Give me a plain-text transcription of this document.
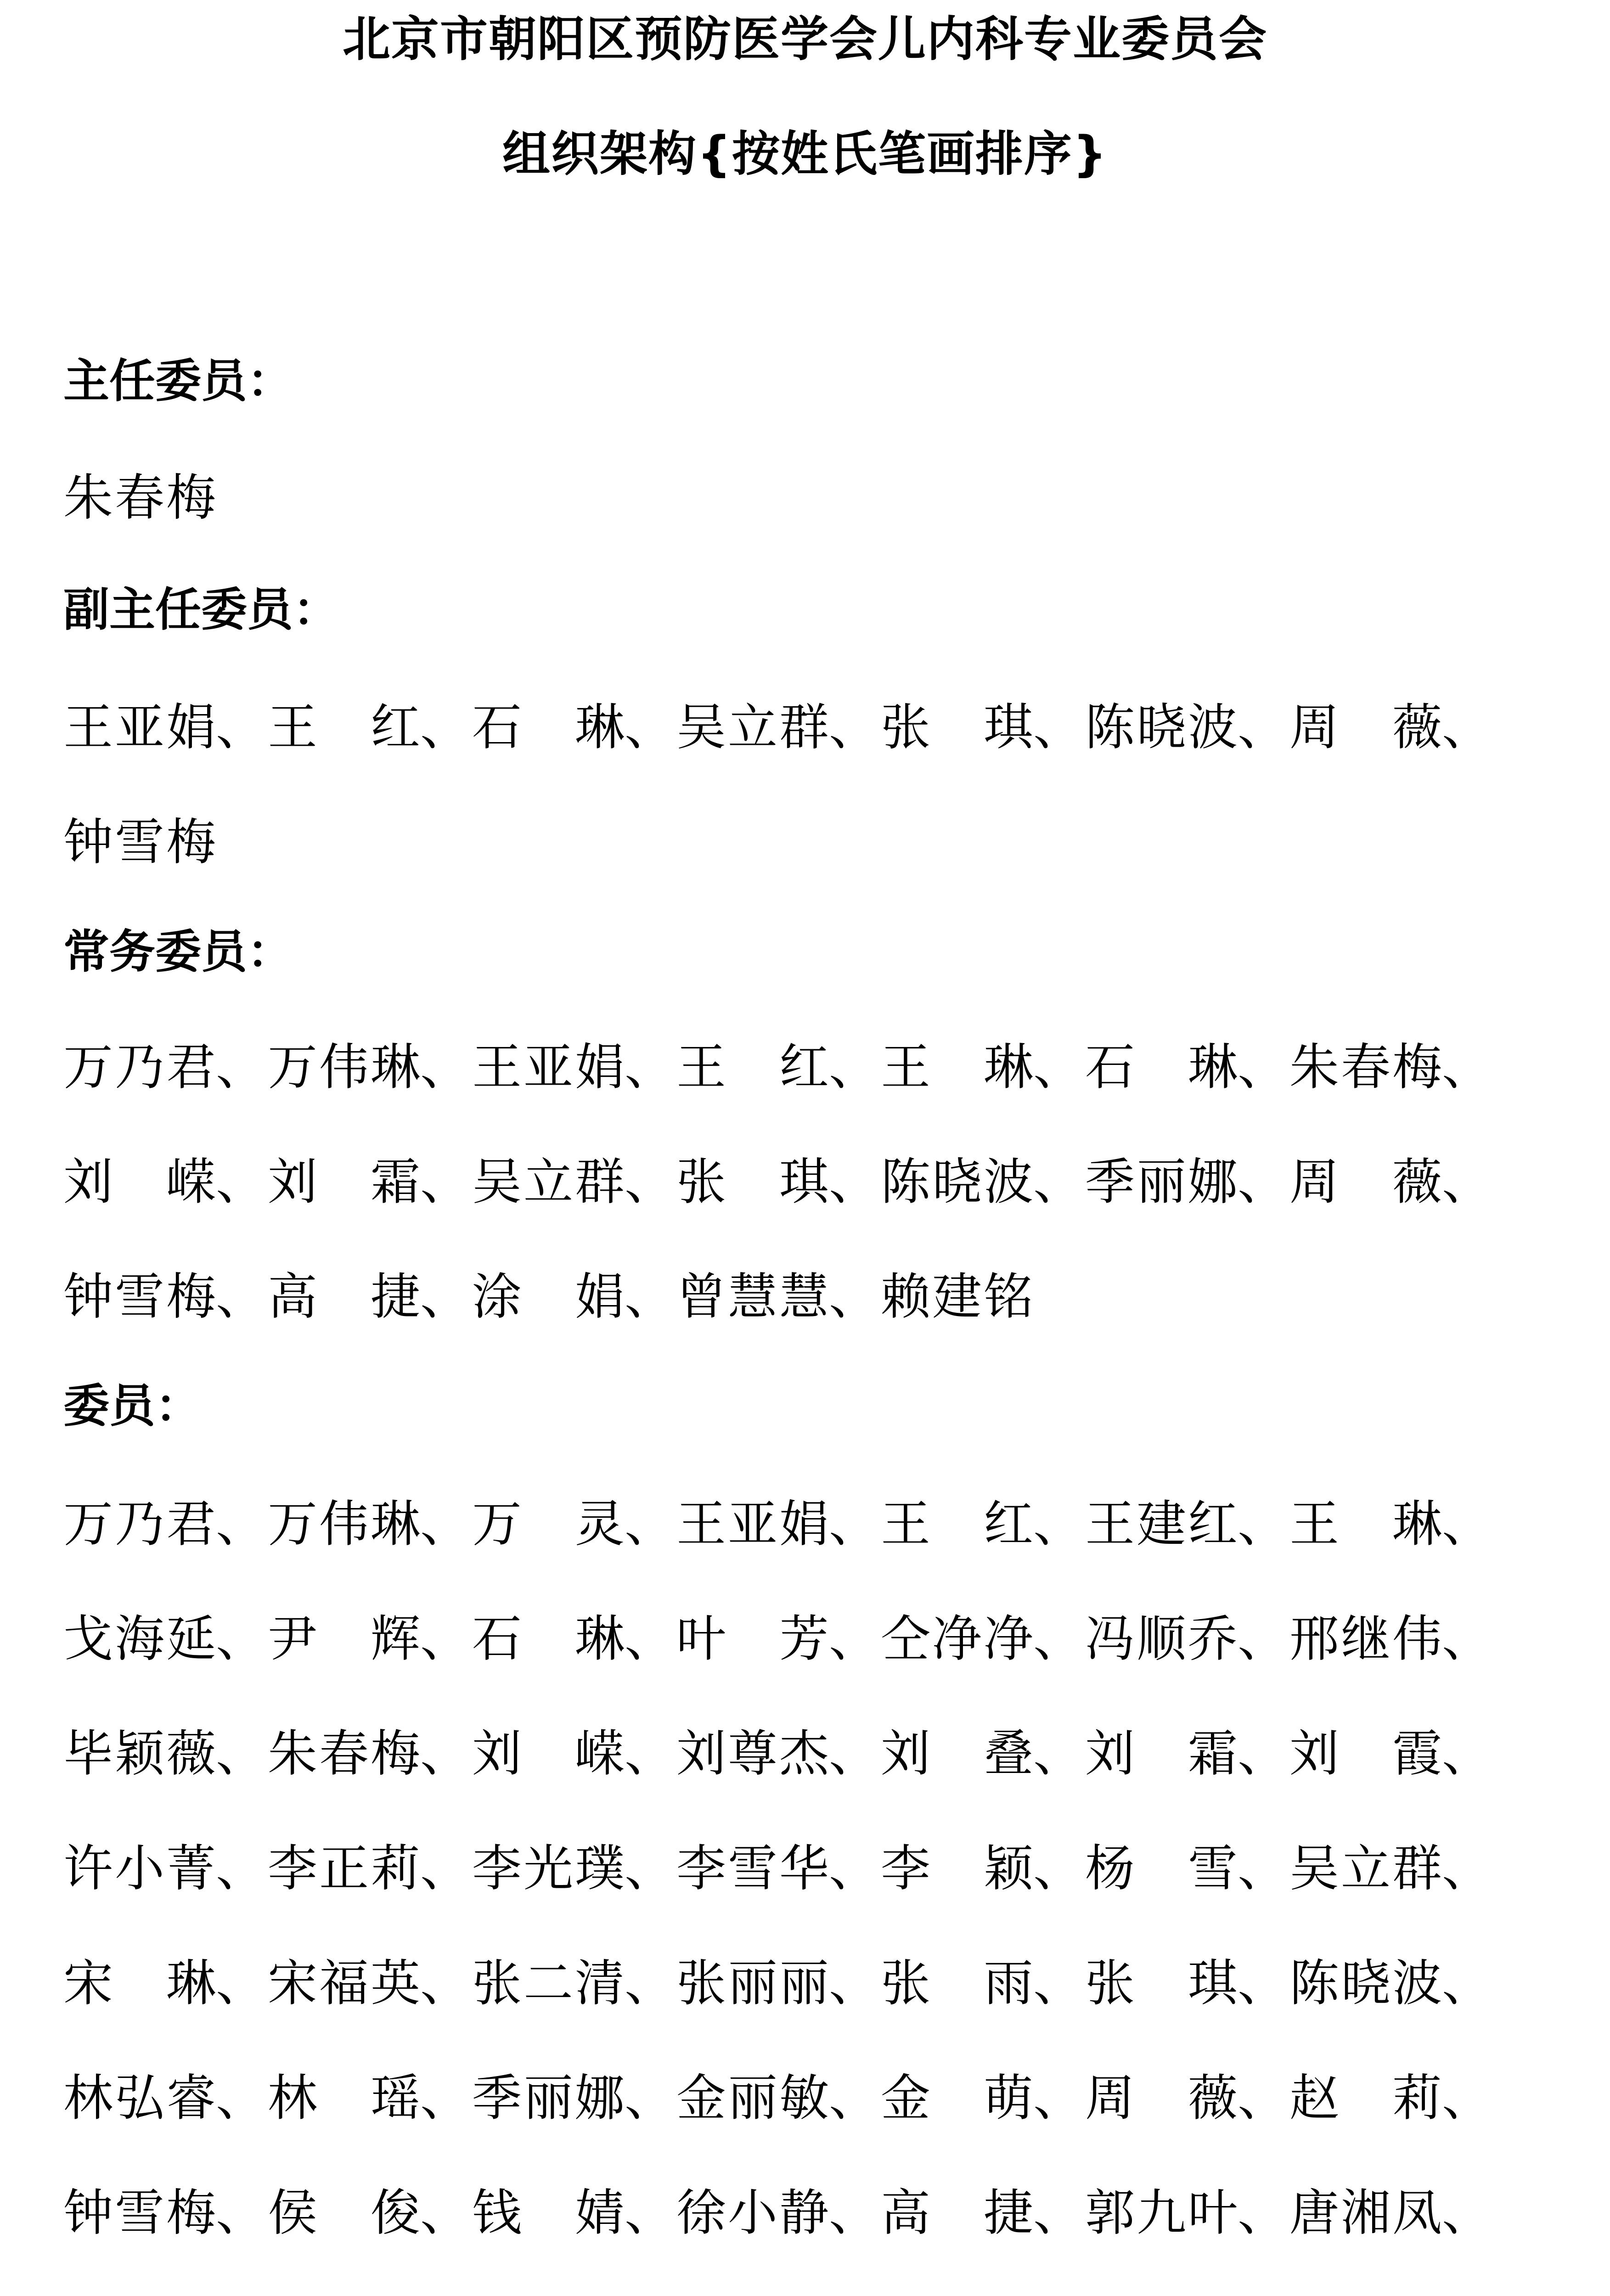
北京市朝阳区预防医学会儿内科专业委员会
组织架构{按姓氏笔画排序}
主任委员：
朱春梅
副主任委员：
王亚娟、王　红、石　琳、吴立群、张　琪、陈晓波、周　薇、
钟雪梅
常务委员：
万乃君、万伟琳、王亚娟、王　红、王　琳、石　琳、朱春梅、
刘　嵘、刘　霜、吴立群、张　琪、陈晓波、季丽娜、周　薇、
钟雪梅、高　捷、涂　娟、曾慧慧、赖建铭
委员：
万乃君、万伟琳、万　灵、王亚娟、王　红、王建红、王　琳、
戈海延、尹　辉、石　琳、叶　芳、仝净净、冯顺乔、邢继伟、
毕颖薇、朱春梅、刘　嵘、刘尊杰、刘　叠、刘　霜、刘　霞、
许小菁、李正莉、李光璞、李雪华、李　颖、杨　雪、吴立群、
宋　琳、宋福英、张二清、张丽丽、张　雨、张　琪、陈晓波、
林弘睿、林　瑶、季丽娜、金丽敏、金　萌、周　薇、赵　莉、
钟雪梅、侯　俊、钱　婧、徐小静、高　捷、郭九叶、唐湘凤、
